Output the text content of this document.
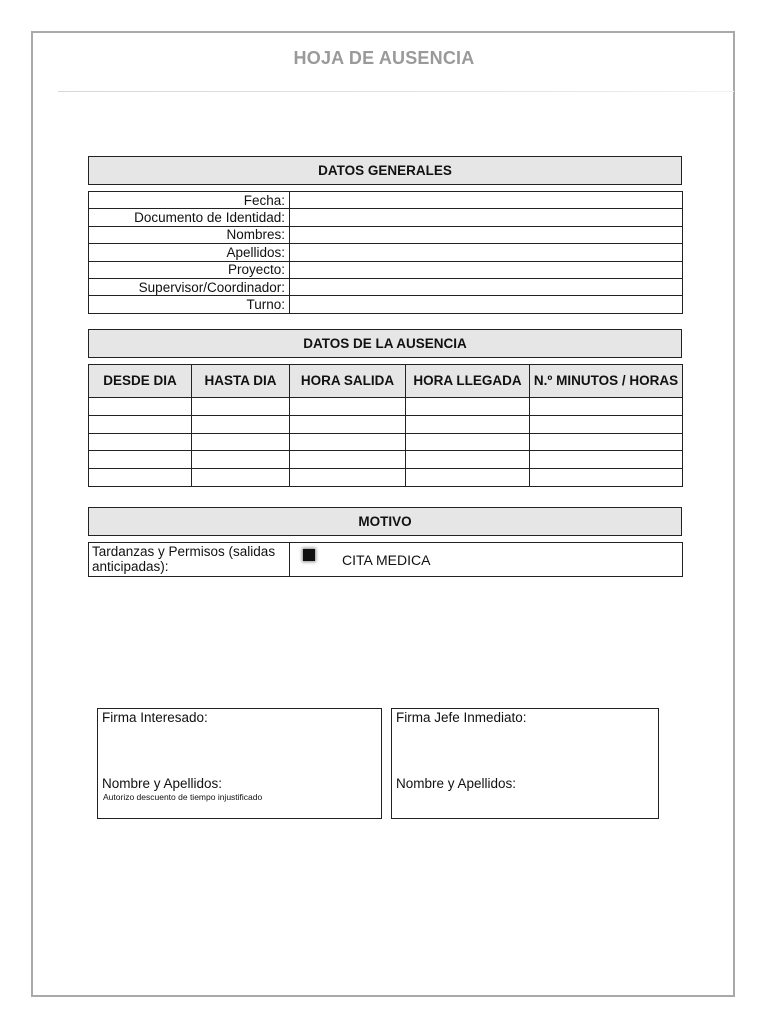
HOJA DE AUSENCIA
DATOS GENERALES
Fecha:	
Documento de Identidad:	
Nombres:	
Apellidos:	
Proyecto:	
Supervisor/Coordinador:	
Turno:	
DATOS DE LA AUSENCIA
DESDE DIA	HASTA DIA	HORA SALIDA	HORA LLEGADA	N.º MINUTOS / HORAS

MOTIVO
Tardanzas y Permisos (salidas anticipadas):	CITA MEDICA
Firma Interesado:
Nombre y Apellidos:
Autorizo descuento de tiempo injustificado
Firma Jefe Inmediato:
Nombre y Apellidos:
